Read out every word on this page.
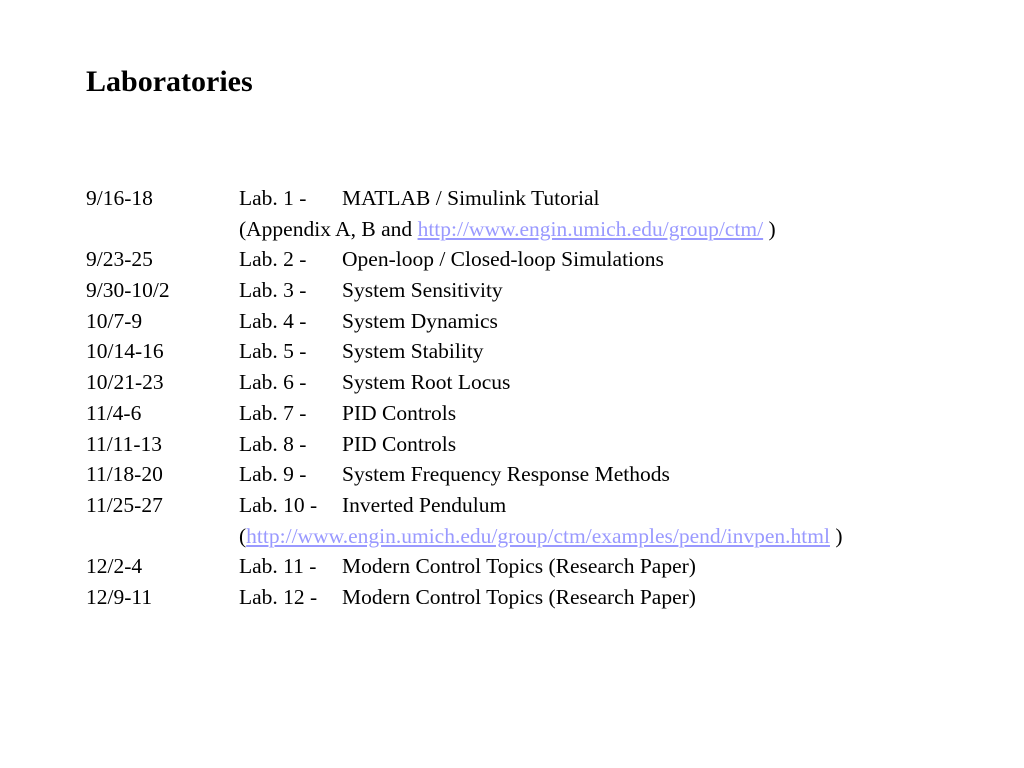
Laboratories
9/16-18	Lab. 1 - MATLAB / Simulink Tutorial
(Appendix A, B and http://www.engin.umich.edu/group/ctm/ )
9/23-25	Lab. 2 - Open-loop / Closed-loop Simulations
9/30-10/2	Lab. 3 - System Sensitivity
10/7-9	Lab. 4 - System Dynamics
10/14-16	Lab. 5 - System Stability
10/21-23	Lab. 6 - System Root Locus
11/4-6	Lab. 7 - PID Controls
11/11-13	Lab. 8 - PID Controls
11/18-20	Lab. 9 - System Frequency Response Methods
11/25-27	Lab. 10 - Inverted Pendulum
(http://www.engin.umich.edu/group/ctm/examples/pend/invpen.html )
12/2-4	Lab. 11 - Modern Control Topics (Research Paper)
12/9-11	Lab. 12 - Modern Control Topics (Research Paper)
